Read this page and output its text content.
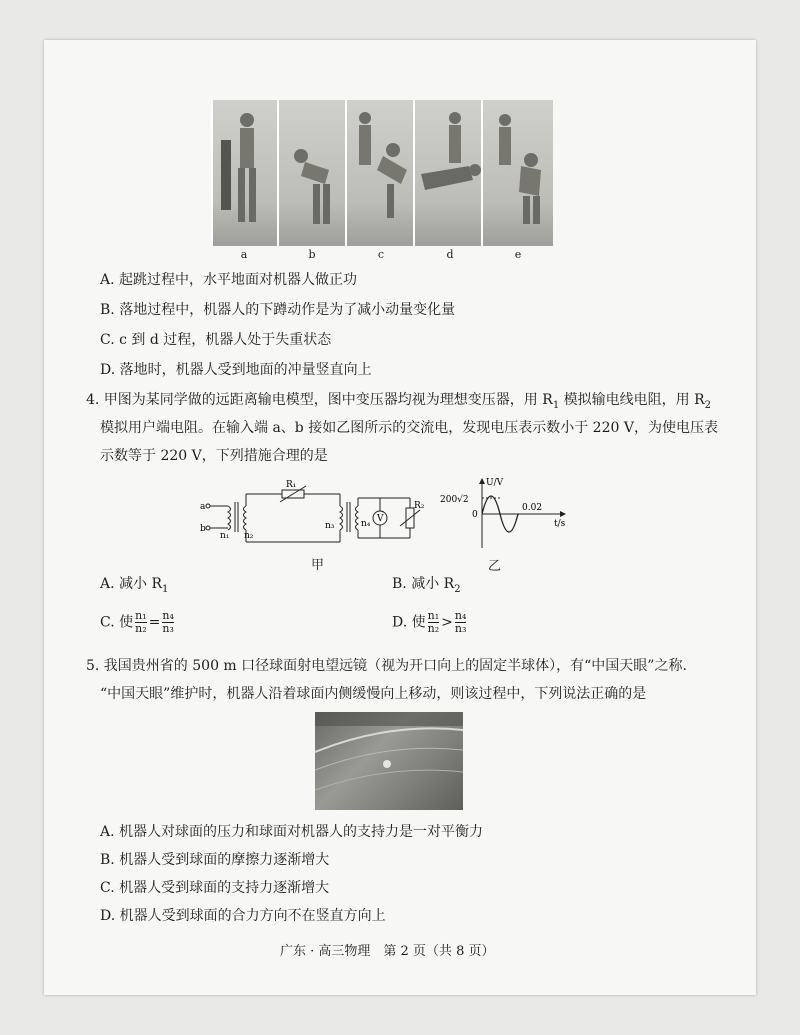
a	b	c	d	e
A. 起跳过程中，水平地面对机器人做正功
B. 落地过程中，机器人的下蹲动作是为了减小动量变化量
C. c 到 d 过程，机器人处于失重状态
D. 落地时，机器人受到地面的冲量竖直向上
4. 甲图为某同学做的远距离输电模型，图中变压器均视为理想变压器，用 $R_1$ 模拟输电线电阻，用 $R_2$
模拟用户端电阻。在输入端 a、b 接如乙图所示的交流电，发现电压表示数小于 220 V，为使电压表
示数等于 220 V，下列措施合理的是
a
b
n₁ n₂
R₁
n₃	n₄ V
R₂
甲
U/V
200√2
0
0.02
t/s
乙
A. 减小 $R_1$	B. 减小 $R_2$
C. 使 $\frac{\text{n₁}}{\text{n₂}} = \frac{\text{n₄}}{\text{n₃}}$	D. 使 $\frac{\text{n₁}}{\text{n₂}} > \frac{\text{n₄}}{\text{n₃}}$
5. 我国贵州省的 500 m 口径球面射电望远镜（视为开口向上的固定半球体），有“中国天眼”之称.
“中国天眼”维护时，机器人沿着球面内侧缓慢向上移动，则该过程中，下列说法正确的是
A. 机器人对球面的压力和球面对机器人的支持力是一对平衡力
B. 机器人受到球面的摩擦力逐渐增大
C. 机器人受到球面的支持力逐渐增大
D. 机器人受到球面的合力方向不在竖直方向上
广东 · 高三物理　第 2 页（共 8 页）
